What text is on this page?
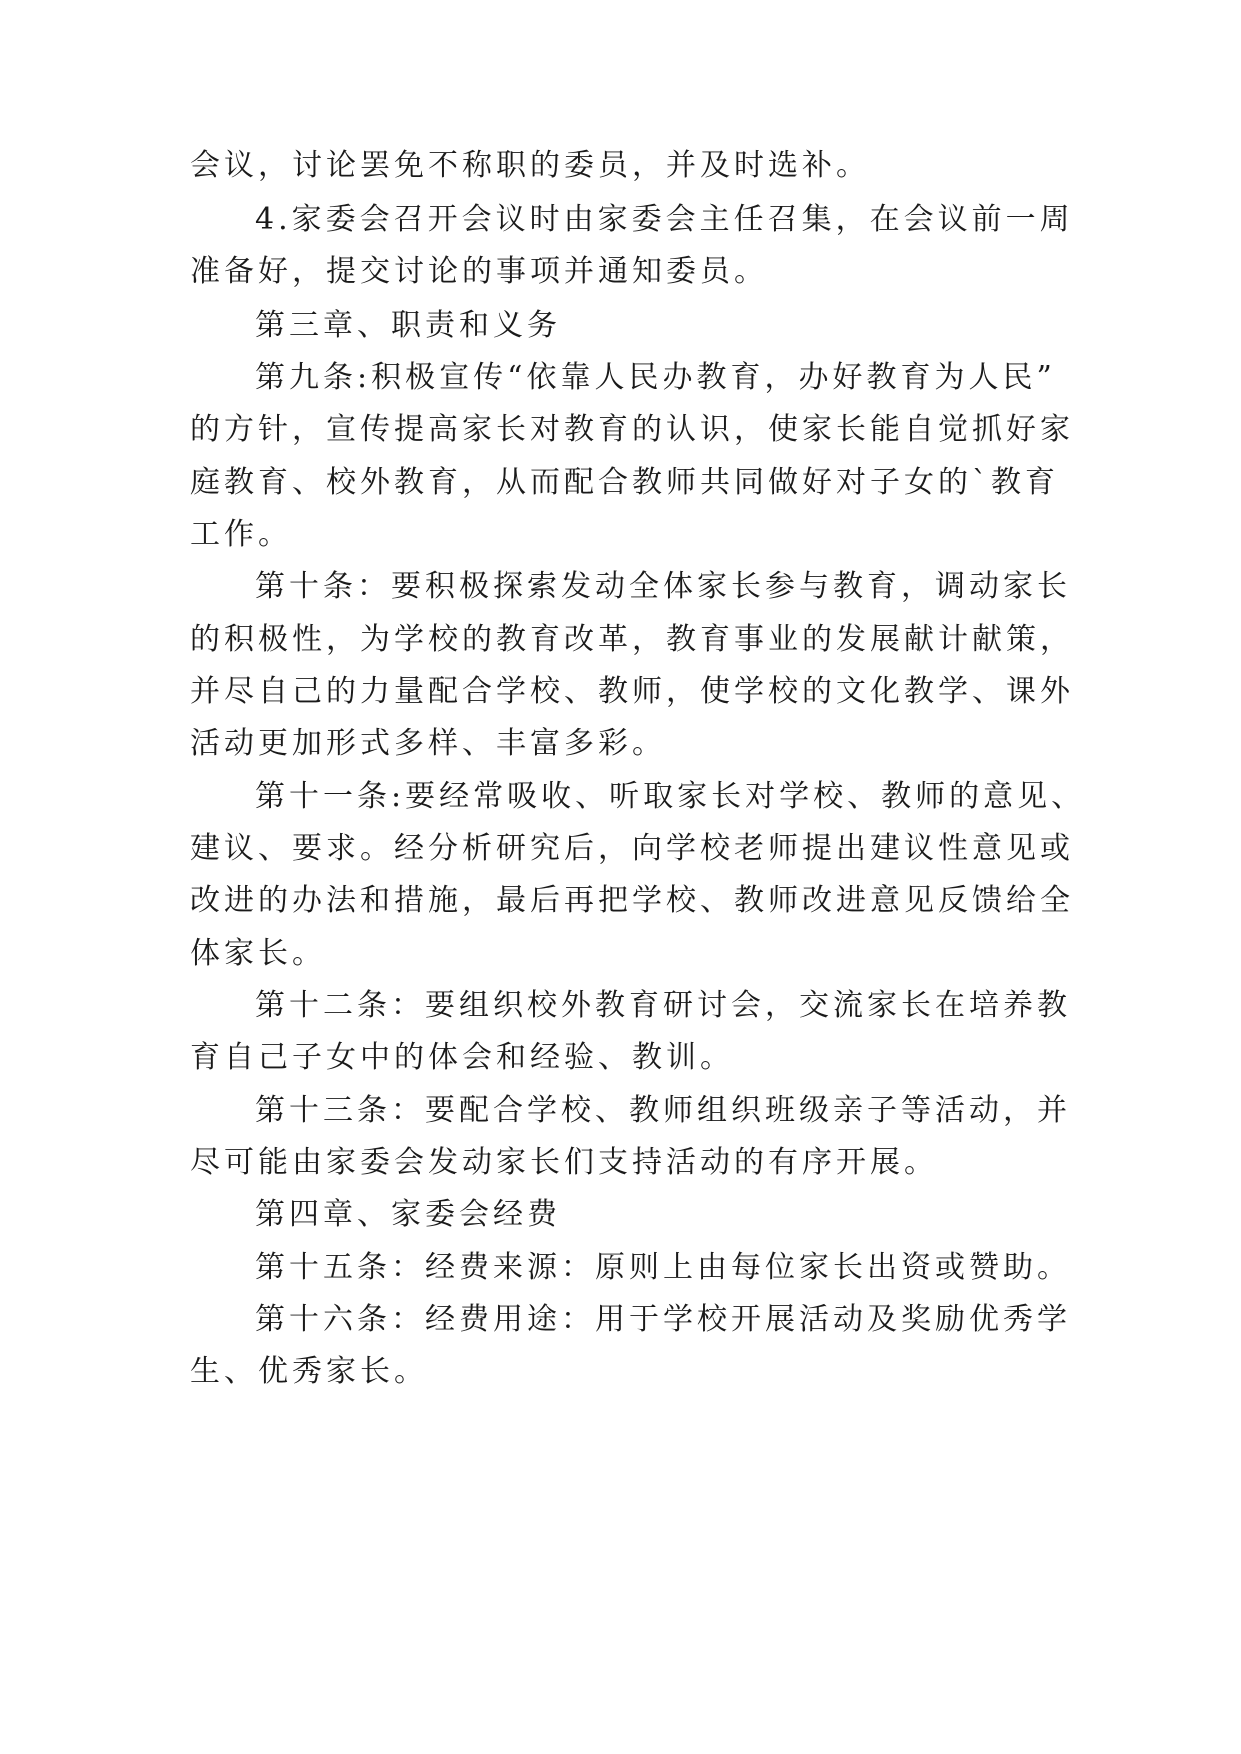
会议，讨论罢免不称职的委员，并及时选补。
4.家委会召开会议时由家委会主任召集，在会议前一周
准备好，提交讨论的事项并通知委员。
第三章、职责和义务
第九条:积极宣传“依靠人民办教育，办好教育为人民”
的方针，宣传提高家长对教育的认识，使家长能自觉抓好家
庭教育、校外教育，从而配合教师共同做好对子女的`教育
工作。
第十条：要积极探索发动全体家长参与教育，调动家长
的积极性，为学校的教育改革，教育事业的发展献计献策，
并尽自己的力量配合学校、教师，使学校的文化教学、课外
活动更加形式多样、丰富多彩。
第十一条:要经常吸收、听取家长对学校、教师的意见、
建议、要求。经分析研究后，向学校老师提出建议性意见或
改进的办法和措施，最后再把学校、教师改进意见反馈给全
体家长。
第十二条：要组织校外教育研讨会，交流家长在培养教
育自己子女中的体会和经验、教训。
第十三条：要配合学校、教师组织班级亲子等活动，并
尽可能由家委会发动家长们支持活动的有序开展。
第四章、家委会经费
第十五条：经费来源：原则上由每位家长出资或赞助。
第十六条：经费用途：用于学校开展活动及奖励优秀学
生、优秀家长。
